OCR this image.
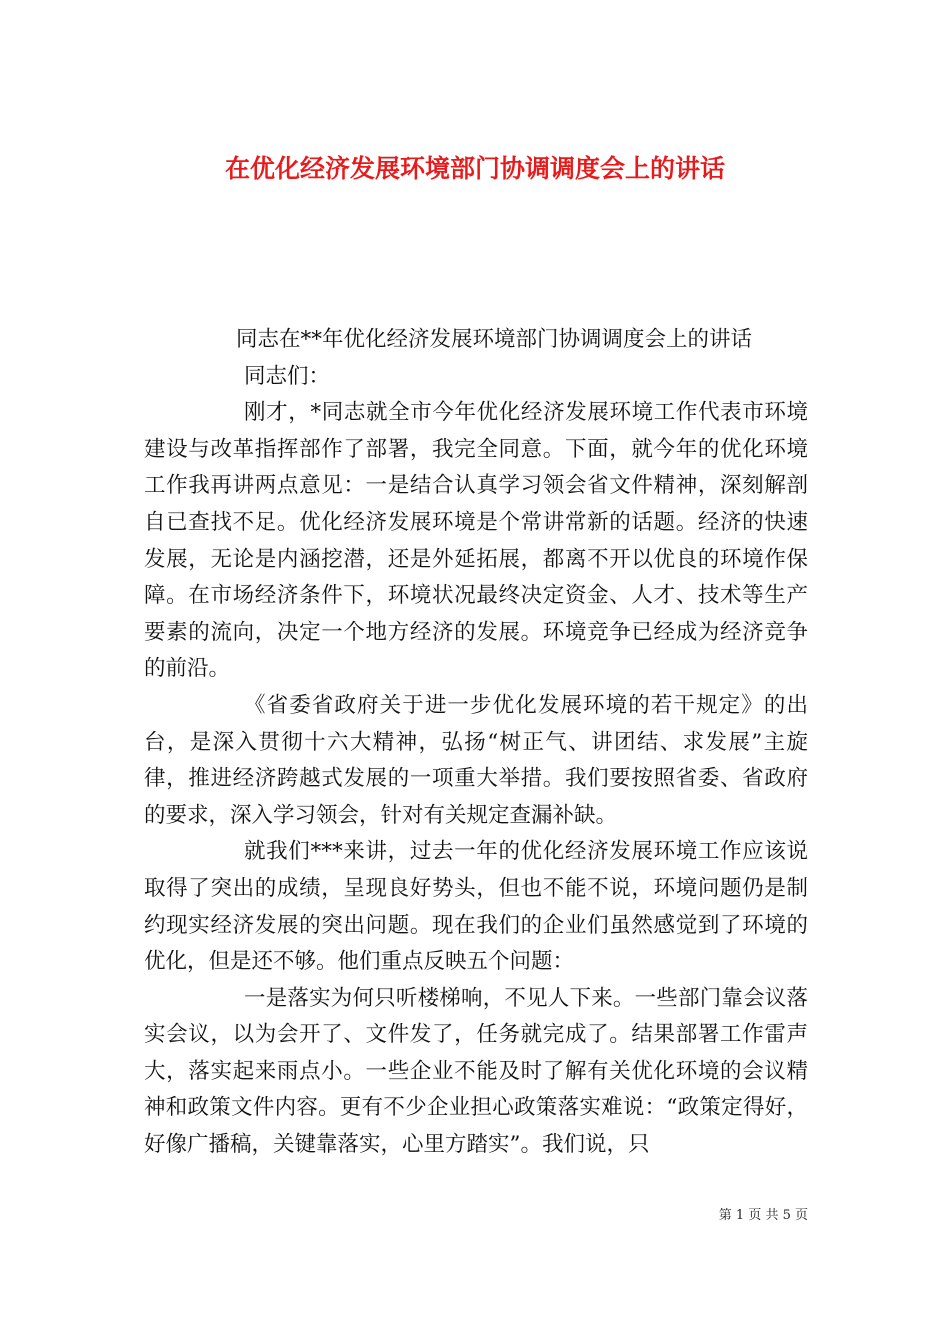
在优化经济发展环境部门协调调度会上的讲话

同志在**年优化经济发展环境部门协调调度会上的讲话

同志们：

刚才，*同志就全市今年优化经济发展环境工作代表市环境建设与改革指挥部作了部署，我完全同意。下面，就今年的优化环境工作我再讲两点意见：一是结合认真学习领会省文件精神，深刻解剖自已查找不足。优化经济发展环境是个常讲常新的话题。经济的快速发展，无论是内涵挖潜，还是外延拓展，都离不开以优良的环境作保障。在市场经济条件下，环境状况最终决定资金、人才、技术等生产要素的流向，决定一个地方经济的发展。环境竞争已经成为经济竞争的前沿。

《省委省政府关于进一步优化发展环境的若干规定》的出台，是深入贯彻十六大精神，弘扬“树正气、讲团结、求发展”主旋律，推进经济跨越式发展的一项重大举措。我们要按照省委、省政府的要求，深入学习领会，针对有关规定查漏补缺。

就我们***来讲，过去一年的优化经济发展环境工作应该说取得了突出的成绩，呈现良好势头，但也不能不说，环境问题仍是制约现实经济发展的突出问题。现在我们的企业们虽然感觉到了环境的优化，但是还不够。他们重点反映五个问题：

一是落实为何只听楼梯响，不见人下来。一些部门靠会议落实会议，以为会开了、文件发了，任务就完成了。结果部署工作雷声大，落实起来雨点小。一些企业不能及时了解有关优化环境的会议精神和政策文件内容。更有不少企业担心政策落实难说：“政策定得好，好像广播稿，关键靠落实，心里方踏实”。我们说，只

第 1 页 共 5 页
